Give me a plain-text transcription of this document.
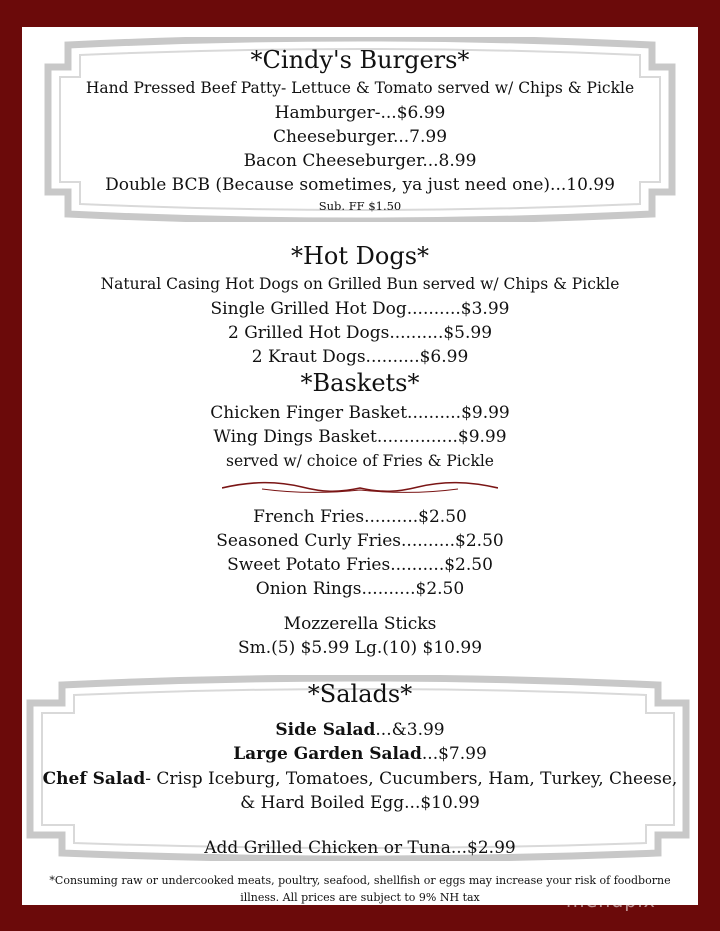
*Cindy's Burgers*
Hand Pressed Beef Patty- Lettuce & Tomato served w/ Chips & Pickle
Hamburger-...$6.99
Cheeseburger...7.99
Bacon Cheeseburger...8.99
Double BCB (Because sometimes, ya just need one)...10.99
Sub. FF $1.50
*Hot Dogs*
Natural Casing Hot Dogs on Grilled Bun served w/ Chips & Pickle
Single Grilled Hot Dog..........$3.99
2 Grilled Hot Dogs..........$5.99
2 Kraut Dogs..........$6.99
*Baskets*
Chicken Finger Basket..........$9.99
Wing Dings Basket...............$9.99
served w/ choice of Fries & Pickle
French Fries..........$2.50
Seasoned Curly Fries..........$2.50
Sweet Potato Fries..........$2.50
Onion Rings..........$2.50
Mozzerella Sticks
Sm.(5) $5.99 Lg.(10) $10.99
*Salads*
Side Salad...&3.99
Large Garden Salad...$7.99
Chef Salad- Crisp Iceburg, Tomatoes, Cucumbers, Ham, Turkey, Cheese,
& Hard Boiled Egg...$10.99
Add Grilled Chicken or Tuna...$2.99
*Consuming raw or undercooked meats, poultry, seafood, shellfish or eggs may increase your risk of foodborne
illness. All prices are subject to 9% NH tax	menupix
